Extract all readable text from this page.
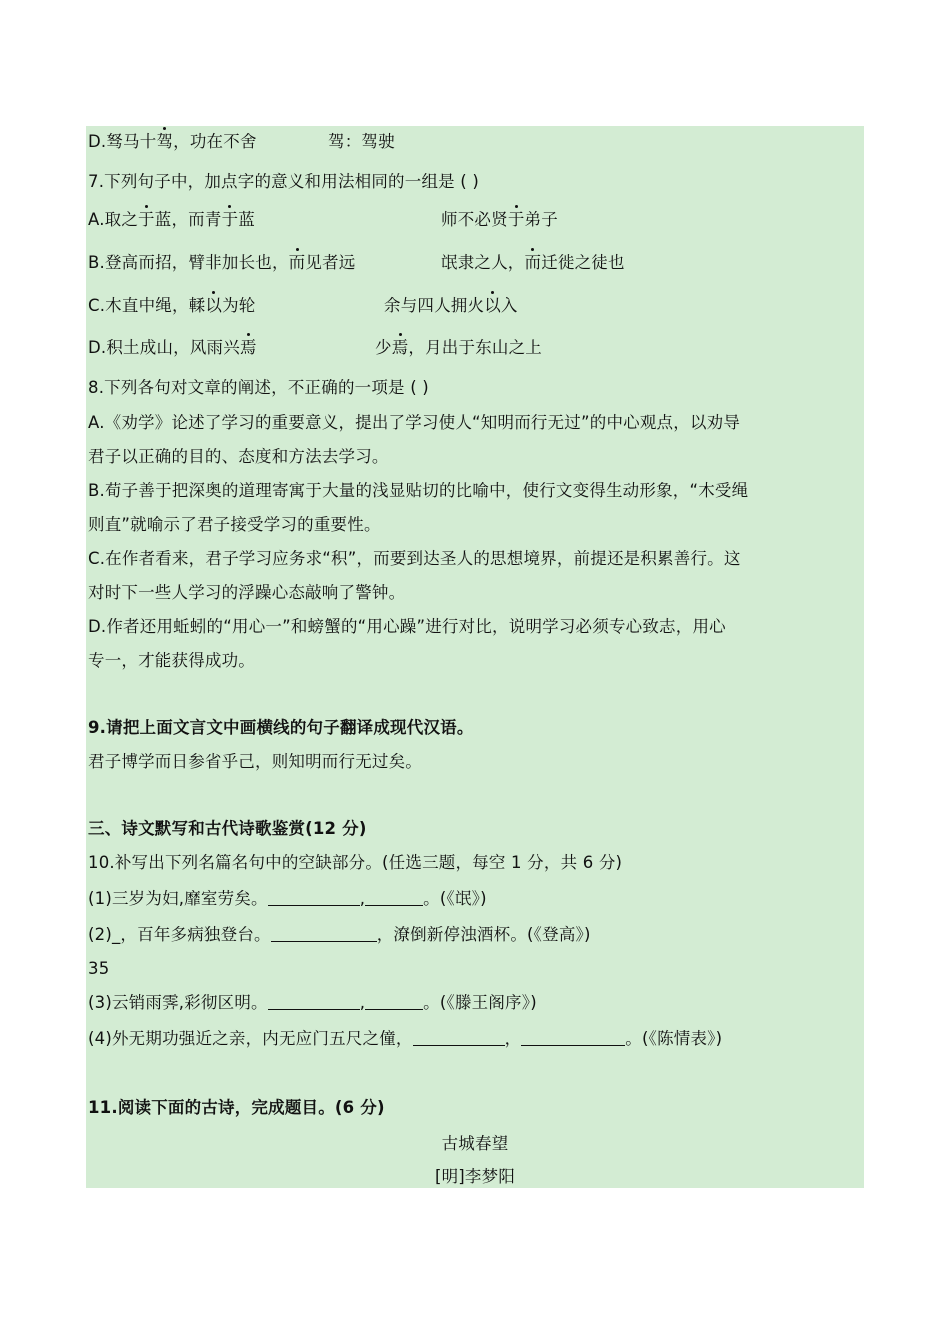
D.驽马十驾，功在不舍	驾：驾驶
7.下列句子中，加点字的意义和用法相同的一组是 ( )
A.取之于蓝，而青于蓝	师不必贤于弟子
B.登高而招，臂非加长也，而见者远	氓隶之人，而迁徙之徒也
C.木直中绳，輮以为轮	余与四人拥火以入
D.积土成山，风雨兴焉	少焉，月出于东山之上
8.下列各句对文章的阐述，不正确的一项是 ( )
A.《劝学》论述了学习的重要意义，提出了学习使人“知明而行无过”的中心观点，以劝导
君子以正确的目的、态度和方法去学习。
B.荀子善于把深奥的道理寄寓于大量的浅显贴切的比喻中，使行文变得生动形象，“木受绳
则直”就喻示了君子接受学习的重要性。
C.在作者看来，君子学习应务求“积”，而要到达圣人的思想境界，前提还是积累善行。这
对时下一些人学习的浮躁心态敲响了警钟。
D.作者还用蚯蚓的“用心一”和螃蟹的“用心躁”进行对比，说明学习必须专心致志，用心
专一，才能获得成功。
9.请把上面文言文中画横线的句子翻译成现代汉语。
君子博学而日参省乎己，则知明而行无过矣。
三、诗文默写和古代诗歌鉴赏(12 分)
10.补写出下列名篇名句中的空缺部分。(任选三题，每空 1 分，共 6 分)
(1)三岁为妇,靡室劳矣。	,	。(《氓》)
(2)_，百年多病独登台。	，潦倒新停浊酒杯。(《登高》)
35
(3)云销雨霁,彩彻区明。	,	。(《滕王阁序》)
(4)外无期功强近之亲，内无应门五尺之僮，	，	。(《陈情表》)
11.阅读下面的古诗，完成题目。(6 分)
古城春望
[明]李梦阳
